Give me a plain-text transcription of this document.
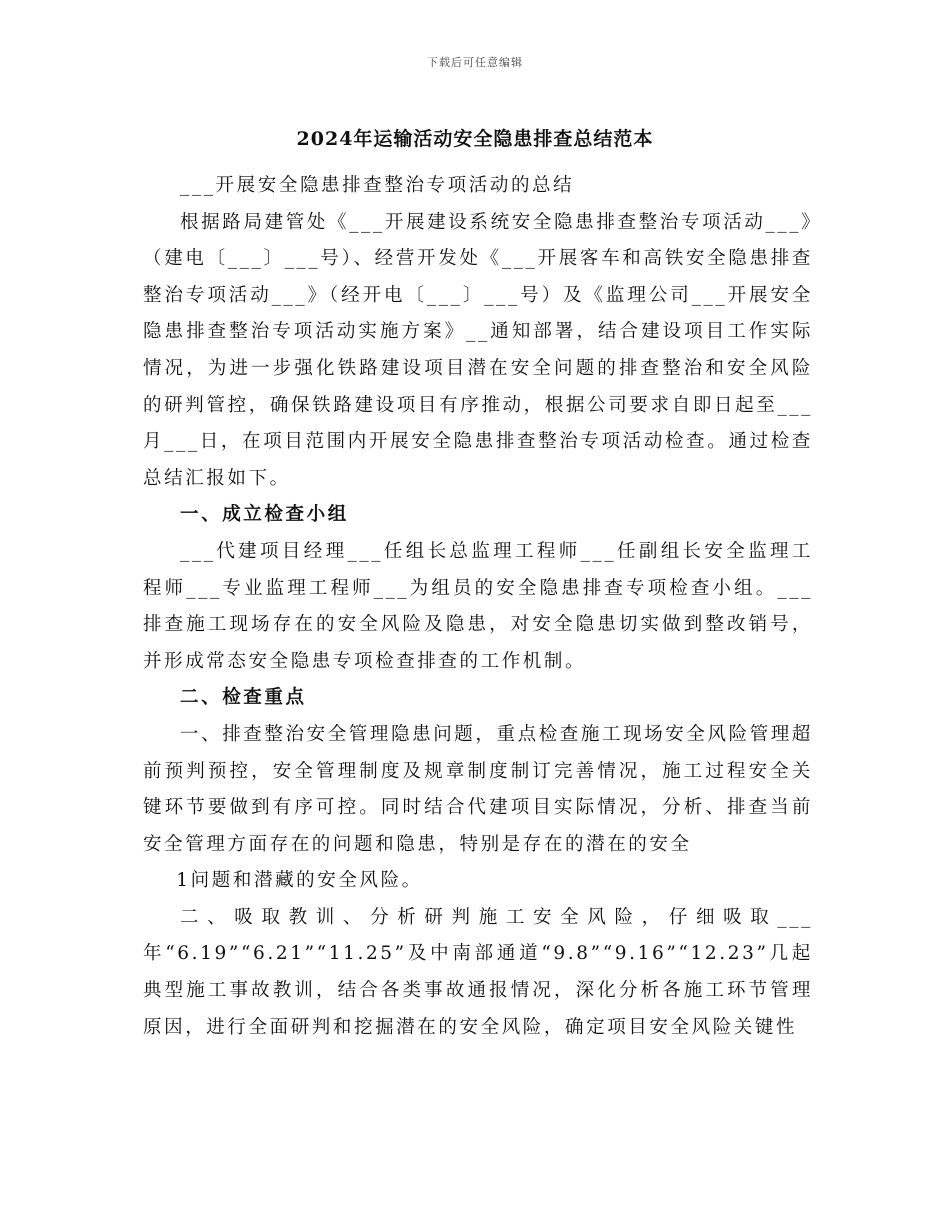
下载后可任意编辑
2024年运输活动安全隐患排查总结范本

___开展安全隐患排查整治专项活动的总结

根据路局建管处《___开展建设系统安全隐患排查整治专项活动___》（建电〔___〕___号）、经营开发处《___开展客车和高铁安全隐患排查整治专项活动___》（经开电〔___〕___号）及《监理公司___开展安全隐患排查整治专项活动实施方案》__通知部署，结合建设项目工作实际情况，为进一步强化铁路建设项目潜在安全问题的排查整治和安全风险的研判管控，确保铁路建设项目有序推动，根据公司要求自即日起至___月___日，在项目范围内开展安全隐患排查整治专项活动检查。通过检查总结汇报如下。

一、成立检查小组

___代建项目经理___任组长总监理工程师___任副组长安全监理工程师___专业监理工程师___为组员的安全隐患排查专项检查小组。___排查施工现场存在的安全风险及隐患，对安全隐患切实做到整改销号，并形成常态安全隐患专项检查排查的工作机制。

二、检查重点

一、排查整治安全管理隐患问题，重点检查施工现场安全风险管理超前预判预控，安全管理制度及规章制度制订完善情况，施工过程安全关键环节要做到有序可控。同时结合代建项目实际情况，分析、排查当前安全管理方面存在的问题和隐患，特别是存在的潜在的安全

1问题和潜藏的安全风险。

二、吸取教训、分析研判施工安全风险，仔细吸取___年“6.19”“6.21”“11.25”及中南部通道“9.8”“9.16”“12.23”几起典型施工事故教训，结合各类事故通报情况，深化分析各施工环节管理原因，进行全面研判和挖掘潜在的安全风险，确定项目安全风险关键性
